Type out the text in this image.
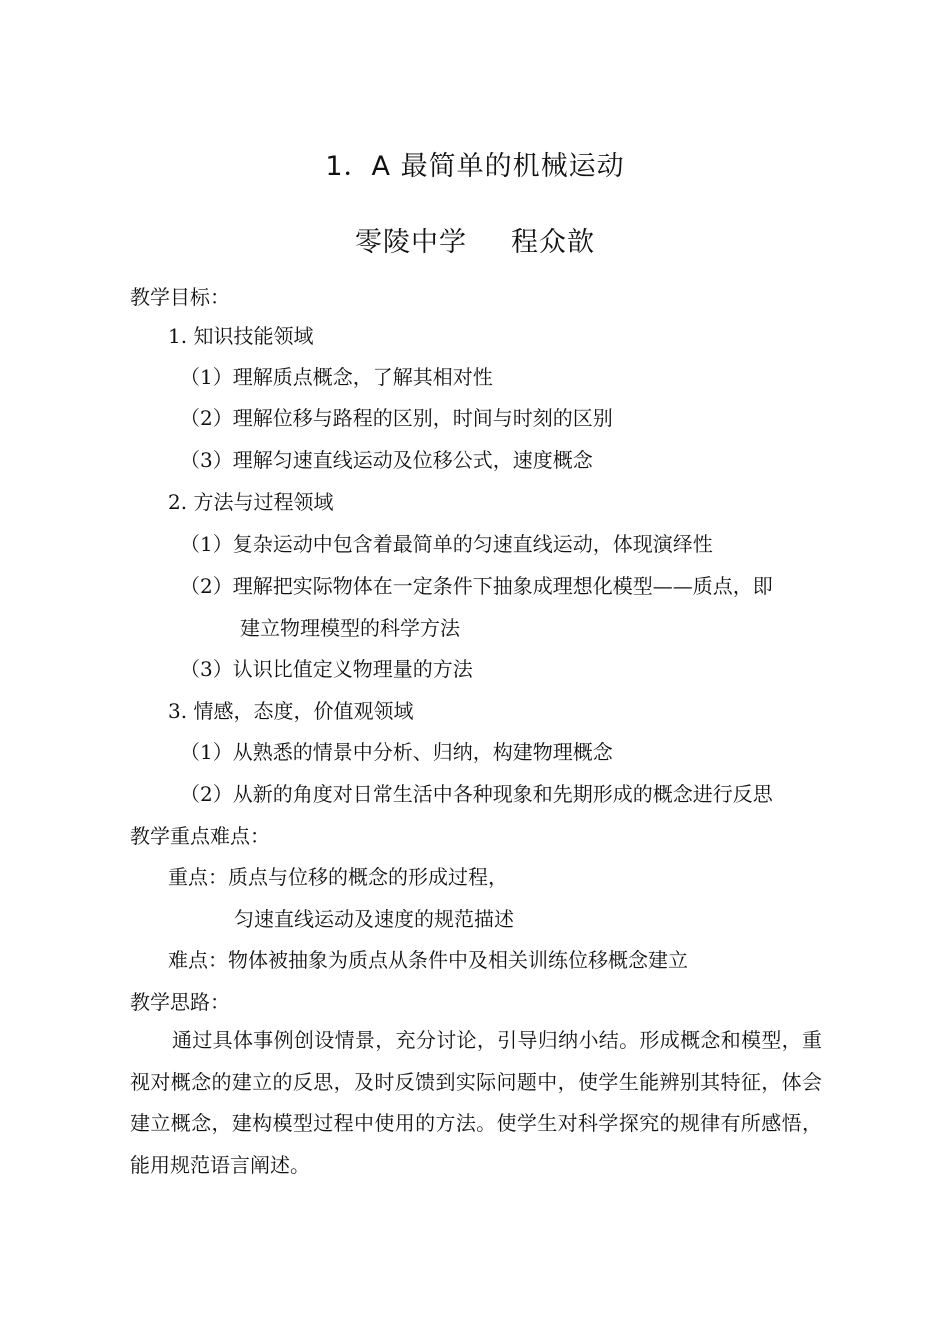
1．A 最简单的机械运动
零陵中学 程众歆
教学目标：
1. 知识技能领域
（1）理解质点概念，了解其相对性
（2）理解位移与路程的区别，时间与时刻的区别
（3）理解匀速直线运动及位移公式，速度概念
2. 方法与过程领域
（1）复杂运动中包含着最简单的匀速直线运动，体现演绎性
（2）理解把实际物体在一定条件下抽象成理想化模型——质点，即
建立物理模型的科学方法
（3）认识比值定义物理量的方法
3. 情感，态度，价值观领域
（1）从熟悉的情景中分析、归纳，构建物理概念
（2）从新的角度对日常生活中各种现象和先期形成的概念进行反思
教学重点难点：
重点：质点与位移的概念的形成过程，
匀速直线运动及速度的规范描述
难点：物体被抽象为质点从条件中及相关训练位移概念建立
教学思路：
通过具体事例创设情景，充分讨论，引导归纳小结。形成概念和模型，重视对概念的建立的反思，及时反馈到实际问题中，使学生能辨别其特征，体会建立概念，建构模型过程中使用的方法。使学生对科学探究的规律有所感悟，能用规范语言阐述。
